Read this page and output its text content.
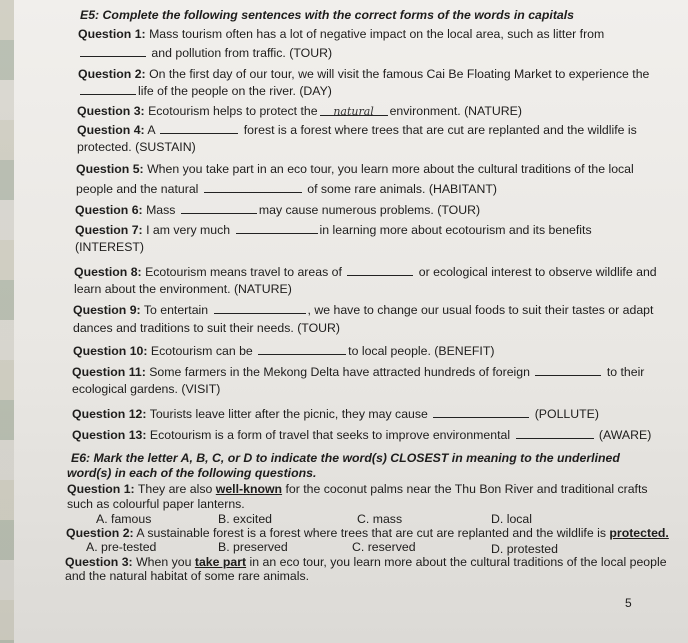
E5: Complete the following sentences with the correct forms of the words in capitals
Question 1: Mass tourism often has a lot of negative impact on the local area, such as litter from
and pollution from traffic. (TOUR)
Question 2: On the first day of our tour, we will visit the famous Cai Be Floating Market to experience the
life of the people on the river. (DAY)
Question 3: Ecotourism helps to protect the natural environment. (NATURE)
Question 4: A	forest is a forest where trees that are cut are replanted and the wildlife is
protected. (SUSTAIN)
Question 5: When you take part in an eco tour, you learn more about the cultural traditions of the local
people and the natural	of some rare animals. (HABITANT)
Question 6: Mass	may cause numerous problems. (TOUR)
Question 7: I am very much	in learning more about ecotourism and its benefits
(INTEREST)
Question 8: Ecotourism means travel to areas of	or ecological interest to observe wildlife and
learn about the environment. (NATURE)
Question 9: To entertain	, we have to change our usual foods to suit their tastes or adapt
dances and traditions to suit their needs. (TOUR)
Question 10: Ecotourism can be	to local people. (BENEFIT)
Question 11: Some farmers in the Mekong Delta have attracted hundreds of foreign	to their
ecological gardens. (VISIT)
Question 12: Tourists leave litter after the picnic, they may cause	(POLLUTE)
Question 13: Ecotourism is a form of travel that seeks to improve environmental	(AWARE)
E6: Mark the letter A, B, C, or D to indicate the word(s) CLOSEST in meaning to the underlined
word(s) in each of the following questions.
Question 1: They are also well-known for the coconut palms near the Thu Bon River and traditional crafts
such as colourful paper lanterns.
A. famous	B. excited	C. mass	D. local
Question 2: A sustainable forest is a forest where trees that are cut are replanted and the wildlife is protected.
A. pre-tested	B. preserved	C. reserved	D. protested
Question 3: When you take part in an eco tour, you learn more about the cultural traditions of the local people
and the natural habitat of some rare animals.
5
